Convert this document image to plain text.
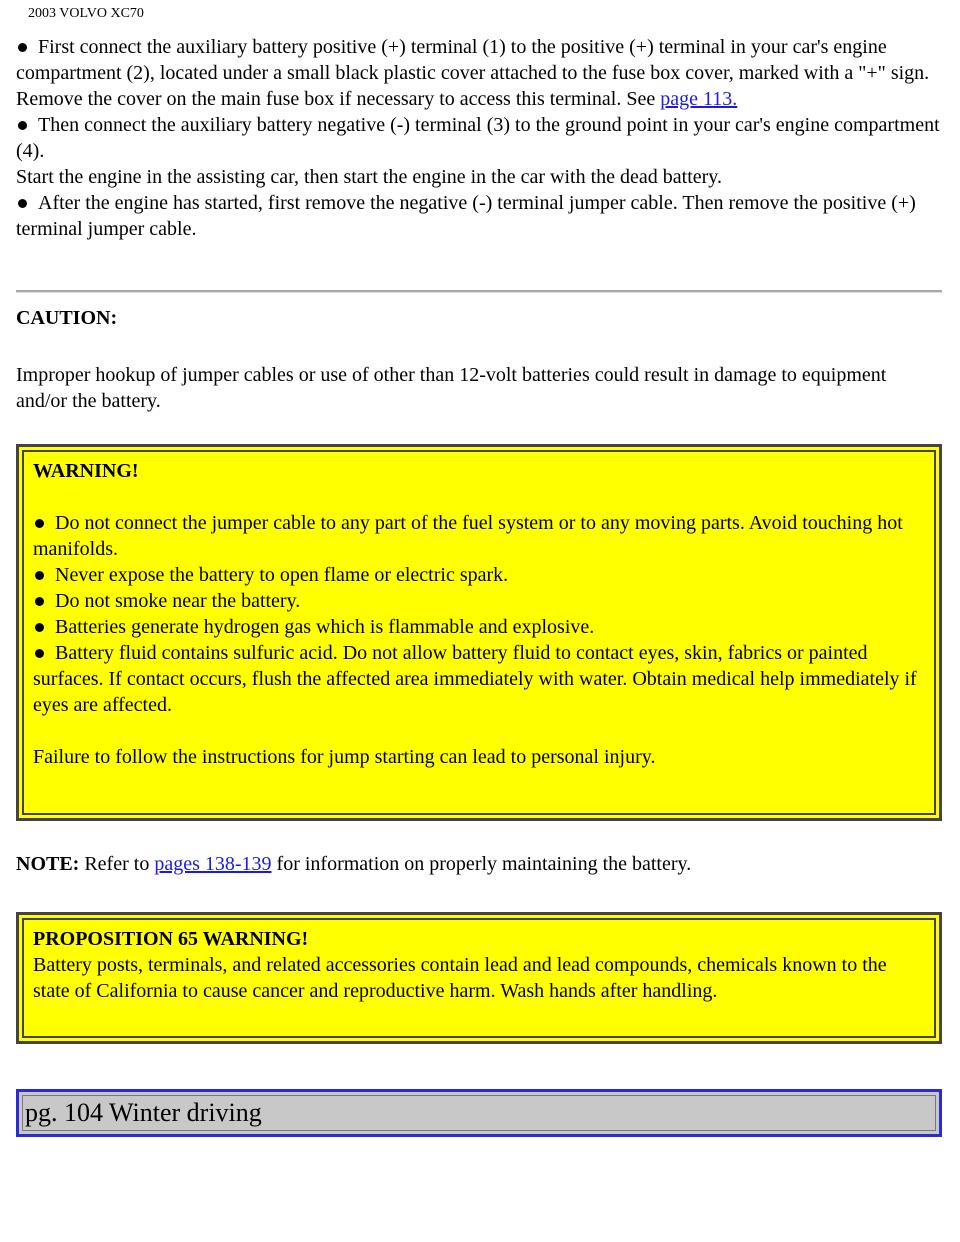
2003 VOLVO XC70

First connect the auxiliary battery positive (+) terminal (1) to the positive (+) terminal in your car's engine compartment (2), located under a small black plastic cover attached to the fuse box cover, marked with a "+" sign. Remove the cover on the main fuse box if necessary to access this terminal. See page 113.

Then connect the auxiliary battery negative (-) terminal (3) to the ground point in your car's engine compartment (4).

Start the engine in the assisting car, then start the engine in the car with the dead battery.

After the engine has started, first remove the negative (-) terminal jumper cable. Then remove the positive (+) terminal jumper cable.

CAUTION:
Improper hookup of jumper cables or use of other than 12-volt batteries could result in damage to equipment and/or the battery.
WARNING!

Do not connect the jumper cable to any part of the fuel system or to any moving parts. Avoid touching hot manifolds.

Never expose the battery to open flame or electric spark.

Do not smoke near the battery.

Batteries generate hydrogen gas which is flammable and explosive.

Battery fluid contains sulfuric acid. Do not allow battery fluid to contact eyes, skin, fabrics or painted surfaces. If contact occurs, flush the affected area immediately with water. Obtain medical help immediately if eyes are affected.

Failure to follow the instructions for jump starting can lead to personal injury.
NOTE: Refer to pages 138-139 for information on properly maintaining the battery.
PROPOSITION 65 WARNING!
Battery posts, terminals, and related accessories contain lead and lead compounds, chemicals known to the state of California to cause cancer and reproductive harm. Wash hands after handling.
pg. 104 Winter driving
